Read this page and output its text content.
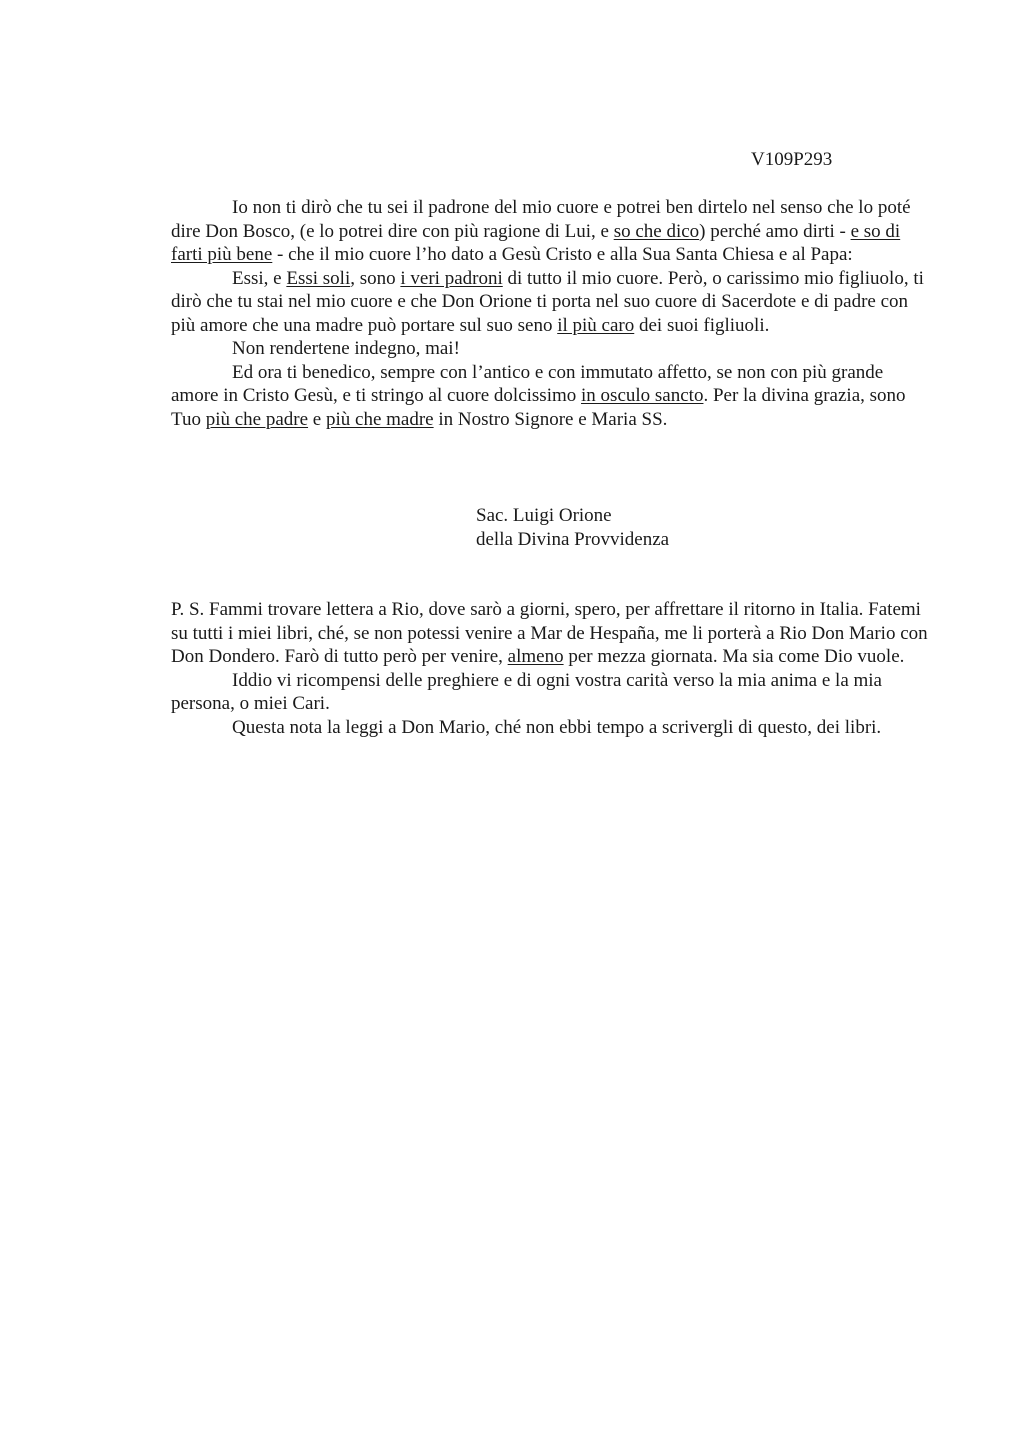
V109P293

Io non ti dirò che tu sei il padrone del mio cuore e potrei ben dirtelo nel senso che lo poté dire Don Bosco, (e lo potrei dire con più ragione di Lui, e so che dico) perché amo dirti - e so di farti più bene - che il mio cuore l’ho dato a Gesù Cristo e alla Sua Santa Chiesa e al Papa:

Essi, e Essi soli, sono i veri padroni di tutto il mio cuore. Però, o carissimo mio figliuolo, ti dirò che tu stai nel mio cuore e che Don Orione ti porta nel suo cuore di Sacerdote e di padre con più amore che una madre può portare sul suo seno il più caro dei suoi figliuoli.

Non rendertene indegno, mai!

Ed ora ti benedico, sempre con l’antico e con immutato affetto, se non con più grande amore in Cristo Gesù, e ti stringo al cuore dolcissimo in osculo sancto. Per la divina grazia, sono Tuo più che padre e più che madre in Nostro Signore e Maria SS.

Sac. Luigi Orione
della Divina Provvidenza

P. S. Fammi trovare lettera a Rio, dove sarò a giorni, spero, per affrettare il ritorno in Italia. Fatemi su tutti i miei libri, ché, se non potessi venire a Mar de Hespaña, me li porterà a Rio Don Mario con Don Dondero. Farò di tutto però per venire, almeno per mezza giornata. Ma sia come Dio vuole.

Iddio vi ricompensi delle preghiere e di ogni vostra carità verso la mia anima e la mia persona, o miei Cari.

Questa nota la leggi a Don Mario, ché non ebbi tempo a scrivergli di questo, dei libri.
